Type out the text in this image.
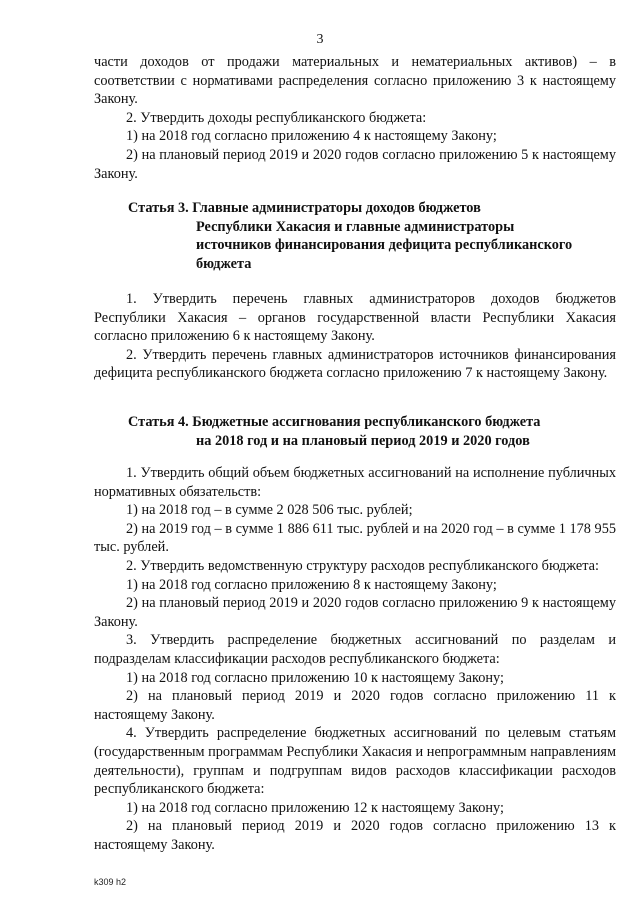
3

части доходов от продажи материальных и нематериальных активов) – в соответствии с нормативами распределения согласно приложению 3 к настоящему Закону.

2. Утвердить доходы республиканского бюджета:

1) на 2018 год согласно приложению 4 к настоящему Закону;

2) на плановый период 2019 и 2020 годов согласно приложению 5 к настоящему Закону.

Статья 3. Главные администраторы доходов бюджетов
Республики Хакасия и главные администраторы
источников финансирования дефицита республиканского
бюджета

1. Утвердить перечень главных администраторов доходов бюджетов Республики Хакасия – органов государственной власти Республики Хакасия согласно приложению 6 к настоящему Закону.

2. Утвердить перечень главных администраторов источников финансирования дефицита республиканского бюджета согласно приложению 7 к настоящему Закону.

Статья 4. Бюджетные ассигнования республиканского бюджета
на 2018 год и на плановый период 2019 и 2020 годов

1. Утвердить общий объем бюджетных ассигнований на исполнение публичных нормативных обязательств:

1) на 2018 год – в сумме 2 028 506 тыс. рублей;

2) на 2019 год – в сумме 1 886 611 тыс. рублей и на 2020 год – в сумме 1 178 955 тыс. рублей.

2. Утвердить ведомственную структуру расходов республиканского бюджета:

1) на 2018 год согласно приложению 8 к настоящему Закону;

2) на плановый период 2019 и 2020 годов согласно приложению 9 к настоящему Закону.

3. Утвердить распределение бюджетных ассигнований по разделам и подразделам классификации расходов республиканского бюджета:

1) на 2018 год согласно приложению 10 к настоящему Закону;

2) на плановый период 2019 и 2020 годов согласно приложению 11 к настоящему Закону.

4. Утвердить распределение бюджетных ассигнований по целевым статьям (государственным программам Республики Хакасия и непрограммным направлениям деятельности), группам и подгруппам видов расходов классификации расходов республиканского бюджета:

1) на 2018 год согласно приложению 12 к настоящему Закону;

2) на плановый период 2019 и 2020 годов согласно приложению 13 к настоящему Закону.

k309 h2
